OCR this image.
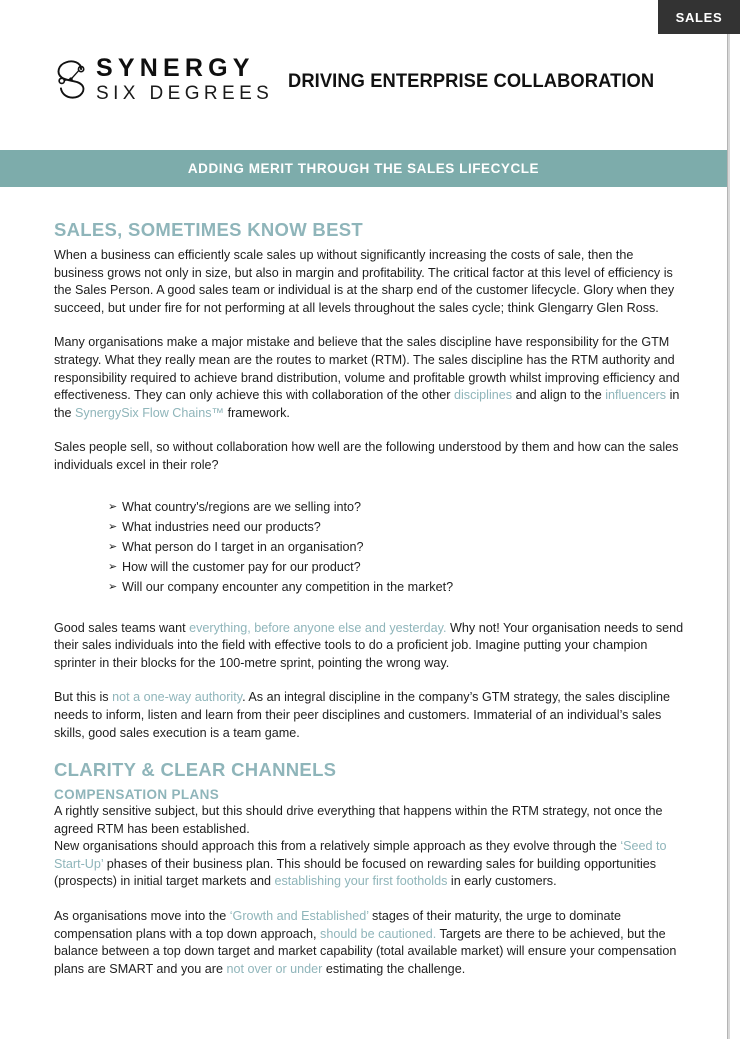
SALES
SYNERGY
SIX DEGREES
DRIVING ENTERPRISE COLLABORATION
ADDING MERIT THROUGH THE SALES LIFECYCLE
SALES, SOMETIMES KNOW BEST

When a business can efficiently scale sales up without significantly increasing the costs of sale, then the business grows not only in size, but also in margin and profitability. The critical factor at this level of efficiency is the Sales Person. A good sales team or individual is at the sharp end of the customer lifecycle. Glory when they succeed, but under fire for not performing at all levels throughout the sales cycle; think Glengarry Glen Ross.

Many organisations make a major mistake and believe that the sales discipline have responsibility for the GTM strategy. What they really mean are the routes to market (RTM). The sales discipline has the RTM authority and responsibility required to achieve brand distribution, volume and profitable growth whilst improving efficiency and effectiveness. They can only achieve this with collaboration of the other disciplines and align to the influencers in the SynergySix Flow Chains™ framework.

Sales people sell, so without collaboration how well are the following understood by them and how can the sales individuals excel in their role?

➢ What country's/regions are we selling into?
➢ What industries need our products?
➢ What person do I target in an organisation?
➢ How will the customer pay for our product?
➢ Will our company encounter any competition in the market?

Good sales teams want everything, before anyone else and yesterday. Why not! Your organisation needs to send their sales individuals into the field with effective tools to do a proficient job. Imagine putting your champion sprinter in their blocks for the 100-metre sprint, pointing the wrong way.

But this is not a one-way authority. As an integral discipline in the company’s GTM strategy, the sales discipline needs to inform, listen and learn from their peer disciplines and customers. Immaterial of an individual’s sales skills, good sales execution is a team game.

CLARITY & CLEAR CHANNELS
COMPENSATION PLANS

A rightly sensitive subject, but this should drive everything that happens within the RTM strategy, not once the agreed RTM has been established.

New organisations should approach this from a relatively simple approach as they evolve through the ‘Seed to Start-Up’ phases of their business plan. This should be focused on rewarding sales for building opportunities (prospects) in initial target markets and establishing your first footholds in early customers.

As organisations move into the ‘Growth and Established’ stages of their maturity, the urge to dominate compensation plans with a top down approach, should be cautioned. Targets are there to be achieved, but the balance between a top down target and market capability (total available market) will ensure your compensation plans are SMART and you are not over or under estimating the challenge.
